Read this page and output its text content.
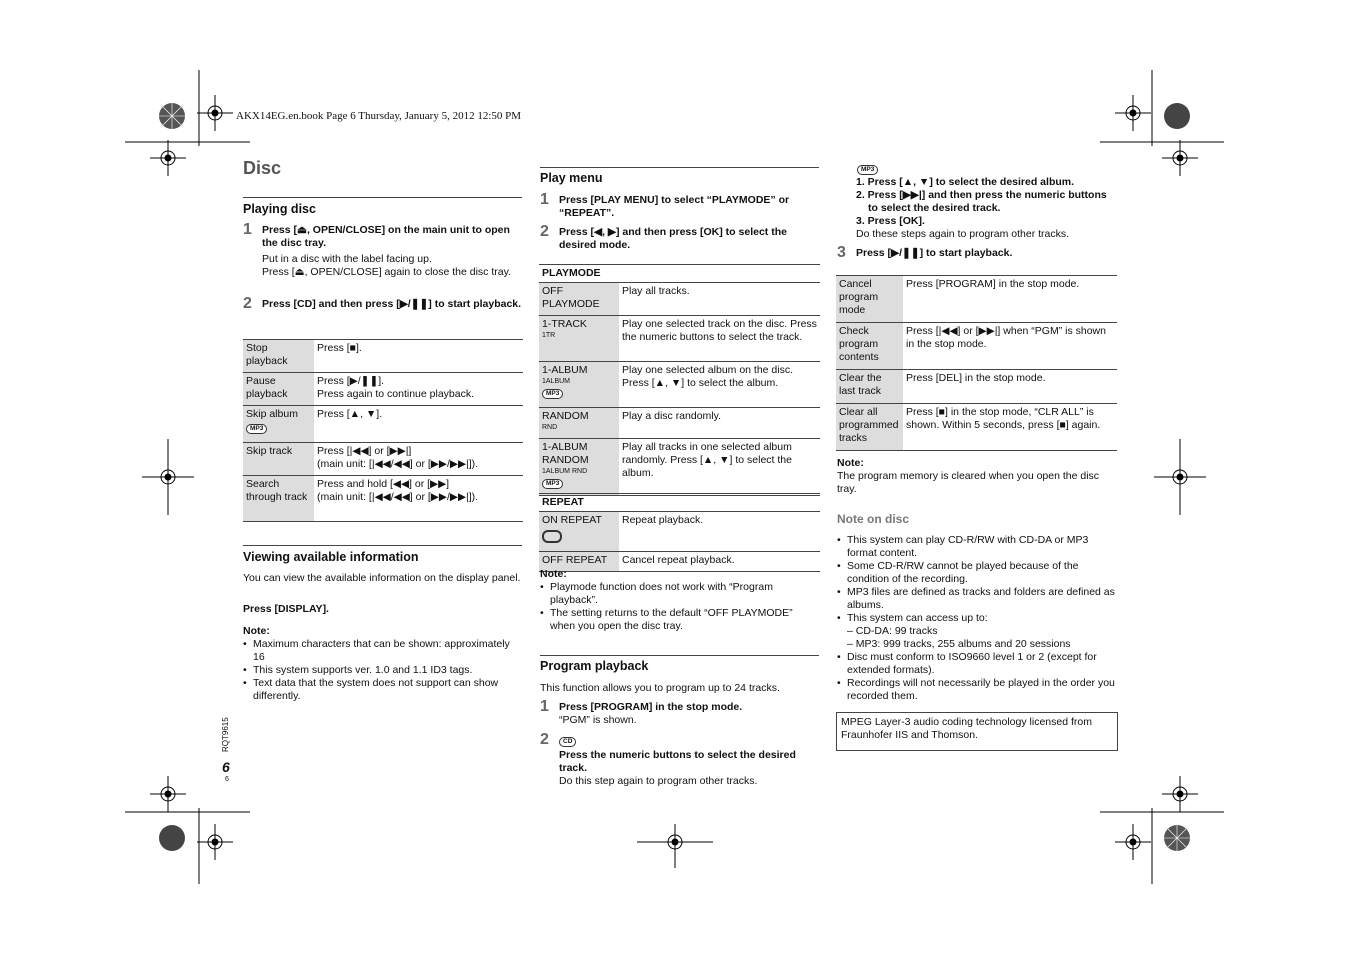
AKX14EG.en.book Page 6 Thursday, January 5, 2012 12:50 PM
Disc
Playing disc
1 Press [⏏, OPEN/CLOSE] on the main unit to open the disc tray.
Put in a disc with the label facing up.
Press [⏏, OPEN/CLOSE] again to close the disc tray.
2 Press [CD] and then press [▶/❚❚] to start playback.
Stop playback	Press [■].
Pause playback	Press [▶/❚❚].
Press again to continue playback.
Skip album
MP3	Press [▲, ▼].
Skip track	Press [|◀◀] or [▶▶|]
(main unit: [|◀◀/◀◀] or [▶▶/▶▶|]).
Search through track	Press and hold [◀◀] or [▶▶]
(main unit: [|◀◀/◀◀] or [▶▶/▶▶|]).
Viewing available information
You can view the available information on the display panel.
Press [DISPLAY].
Note:
• Maximum characters that can be shown: approximately 16
• This system supports ver. 1.0 and 1.1 ID3 tags.
• Text data that the system does not support can show differently.
RQT9615
6
6
Play menu
1 Press [PLAY MENU] to select “PLAYMODE” or “REPEAT”.
2 Press [◀, ▶] and then press [OK] to select the desired mode.
PLAYMODE	
OFF PLAYMODE	Play all tracks.
1-TRACK
1TR	Play one selected track on the disc. Press the numeric buttons to select the track.
1-ALBUM
1ALBUM
MP3	Play one selected album on the disc. Press [▲, ▼] to select the album.
RANDOM
RND	Play a disc randomly.
1-ALBUM RANDOM
1ALBUM RND
MP3	Play all tracks in one selected album randomly. Press [▲, ▼] to select the album.
REPEAT	
ON REPEAT	Repeat playback.
OFF REPEAT	Cancel repeat playback.
Note:
• Playmode function does not work with “Program playback”.
• The setting returns to the default “OFF PLAYMODE” when you open the disc tray.
Program playback
This function allows you to program up to 24 tracks.
1 Press [PROGRAM] in the stop mode.
“PGM” is shown.
2	CD
Press the numeric buttons to select the desired track.
Do this step again to program other tracks.
MP3
1. Press [▲, ▼] to select the desired album.
2. Press [▶▶|] and then press the numeric buttons to select the desired track.
3. Press [OK].
Do these steps again to program other tracks.
3 Press [▶/❚❚] to start playback.
Cancel program mode	Press [PROGRAM] in the stop mode.
Check program contents	Press [|◀◀] or [▶▶|] when “PGM” is shown in the stop mode.
Clear the last track	Press [DEL] in the stop mode.
Clear all programmed tracks	Press [■] in the stop mode, “CLR ALL” is shown. Within 5 seconds, press [■] again.
Note:
The program memory is cleared when you open the disc tray.
Note on disc
• This system can play CD-R/RW with CD-DA or MP3 format content.
• Some CD-R/RW cannot be played because of the condition of the recording.
• MP3 files are defined as tracks and folders are defined as albums.
• This system can access up to:
– CD-DA: 99 tracks
– MP3: 999 tracks, 255 albums and 20 sessions
• Disc must conform to ISO9660 level 1 or 2 (except for extended formats).
• Recordings will not necessarily be played in the order you recorded them.
MPEG Layer-3 audio coding technology licensed from Fraunhofer IIS and Thomson.
